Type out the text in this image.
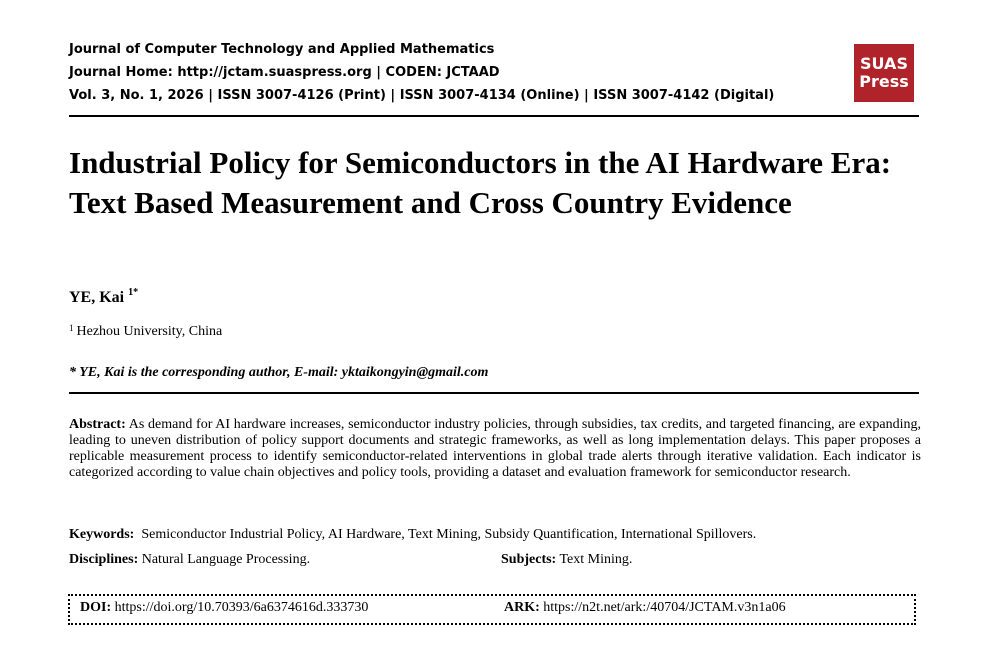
Journal of Computer Technology and Applied Mathematics
Journal Home: http://jctam.suaspress.org | CODEN: JCTAAD
Vol. 3, No. 1, 2026 | ISSN 3007-4126 (Print) | ISSN 3007-4134 (Online) | ISSN 3007-4142 (Digital)
SUAS
Press
Industrial Policy for Semiconductors in the AI Hardware Era: Text Based Measurement and Cross Country Evidence
YE, Kai $^{1*}$
$^1$ Hezhou University, China
* YE, Kai is the corresponding author, E-mail: yktaikongyin@gmail.com
Abstract: As demand for AI hardware increases, semiconductor industry policies, through subsidies, tax credits, and targeted financing, are expanding, leading to uneven distribution of policy support documents and strategic frameworks, as well as long implementation delays. This paper proposes a replicable measurement process to identify semiconductor-related interventions in global trade alerts through iterative validation. Each indicator is categorized according to value chain objectives and policy tools, providing a dataset and evaluation framework for semiconductor research.
Keywords: Semiconductor Industrial Policy, AI Hardware, Text Mining, Subsidy Quantification, International Spillovers.
Disciplines: Natural Language Processing.	Subjects: Text Mining.
DOI: https://doi.org/10.70393/6a6374616d.333730	ARK: https://n2t.net/ark:/40704/JCTAM.v3n1a06
